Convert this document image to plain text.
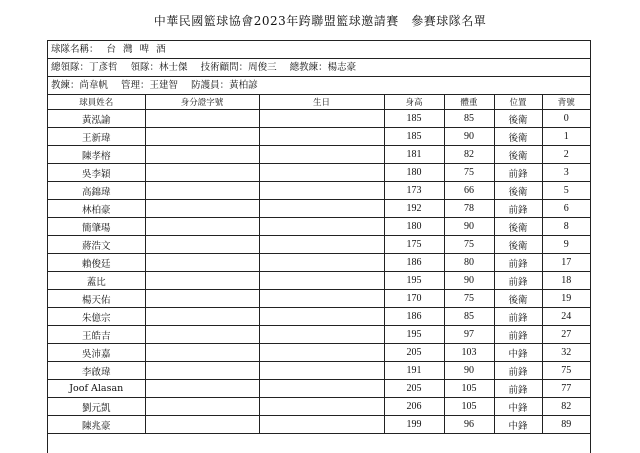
中華民國籃球協會2023年跨聯盟籃球邀請賽　參賽球隊名單
球隊名稱： 台 灣 啤 酒
總領隊：丁彥哲 領隊：林士傑 技術顧問：周俊三 總教練：楊志豪
教練：尚韋帆 管理：王建智 防護員：黃柏諺
球員姓名	身分證字號	生日	身高	體重	位置	背號
黃泓諭			185	85	後衛	0
王新瑋			185	90	後衛	1
陳孝榕			181	82	後衛	2
吳李穎			180	75	前鋒	3
高錦瑋			173	66	後衛	5
林柏豪			192	78	前鋒	6
簡肇瑒			180	90	後衛	8
蔣浩文			175	75	後衛	9
賴俊廷			186	80	前鋒	17
蓋比			195	90	前鋒	18
楊天佑			170	75	後衛	19
朱億宗			186	85	前鋒	24
王皓吉			195	97	前鋒	27
吳沛嘉			205	103	中鋒	32
李啟瑋			191	90	前鋒	75
Joof Alasan			205	105	前鋒	77
劉元凱			206	105	中鋒	82
陳兆豪			199	96	中鋒	89
